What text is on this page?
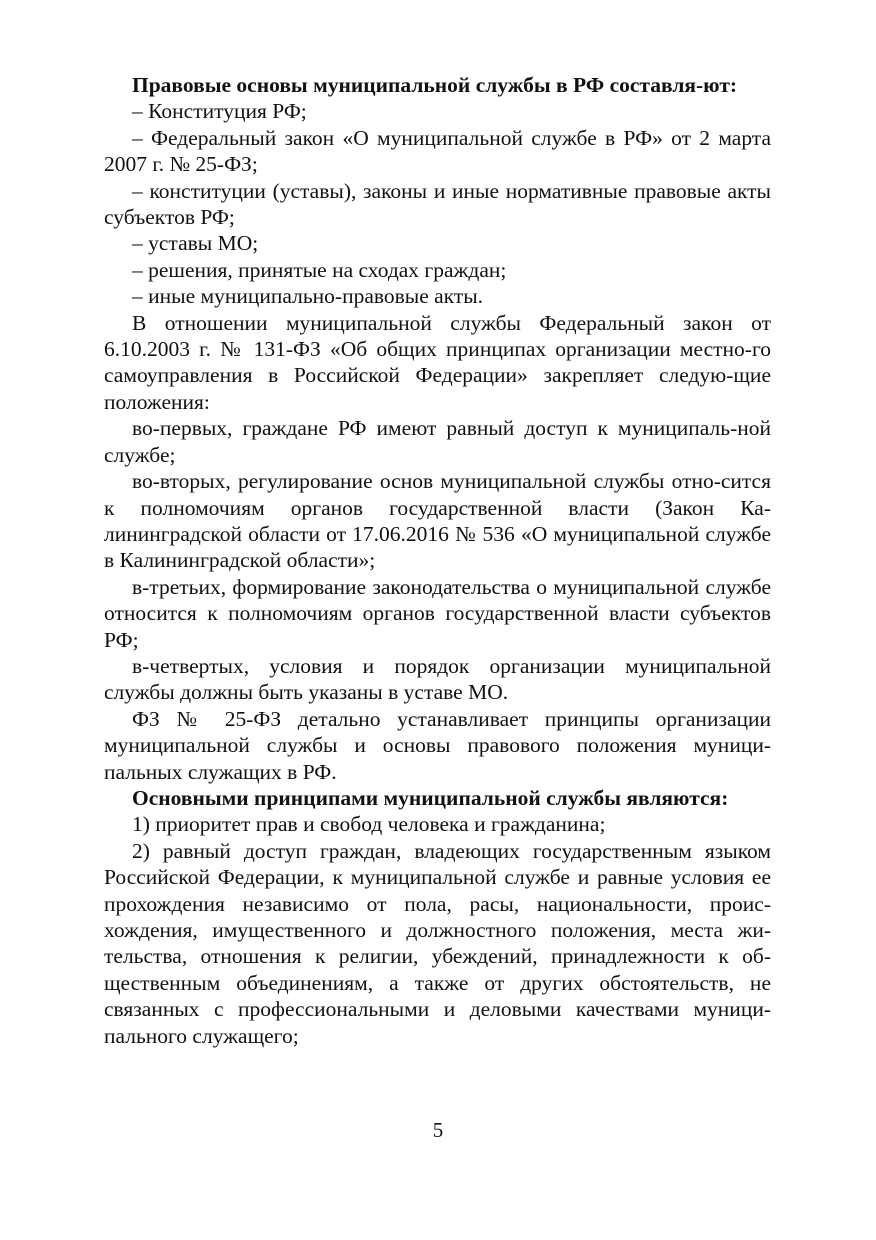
Правовые основы муниципальной службы в РФ составля-ют:

– Конституция РФ;

– Федеральный закон «О муниципальной службе в РФ» от 2 марта 2007 г. № 25-ФЗ;

– конституции (уставы), законы и иные нормативные правовые акты субъектов РФ;

– уставы МО;

– решения, принятые на сходах граждан;

– иные муниципально-правовые акты.

В отношении муниципальной службы Федеральный закон от 6.10.2003 г. № 131-ФЗ «Об общих принципах организации местно-го самоуправления в Российской Федерации» закрепляет следую-щие положения:

во-первых, граждане РФ имеют равный доступ к муниципаль-ной службе;

во-вторых, регулирование основ муниципальной службы отно-сится к полномочиям органов государственной власти (Закон Ка-лининградской области от 17.06.2016 № 536 «О муниципальной службе в Калининградской области»;

в-третьих, формирование законодательства о муниципальной службе относится к полномочиям органов государственной власти субъектов РФ;

в-четвертых, условия и порядок организации муниципальной службы должны быть указаны в уставе МО.

ФЗ № 25-ФЗ детально устанавливает принципы организации муниципальной службы и основы правового положения муници-пальных служащих в РФ.

Основными принципами муниципальной службы являются:

1) приоритет прав и свобод человека и гражданина;

2) равный доступ граждан, владеющих государственным языком Российской Федерации, к муниципальной службе и равные условия ее прохождения независимо от пола, расы, национальности, проис-хождения, имущественного и должностного положения, места жи-тельства, отношения к религии, убеждений, принадлежности к об-щественным объединениям, а также от других обстоятельств, не связанных с профессиональными и деловыми качествами муници-пального служащего;

5
